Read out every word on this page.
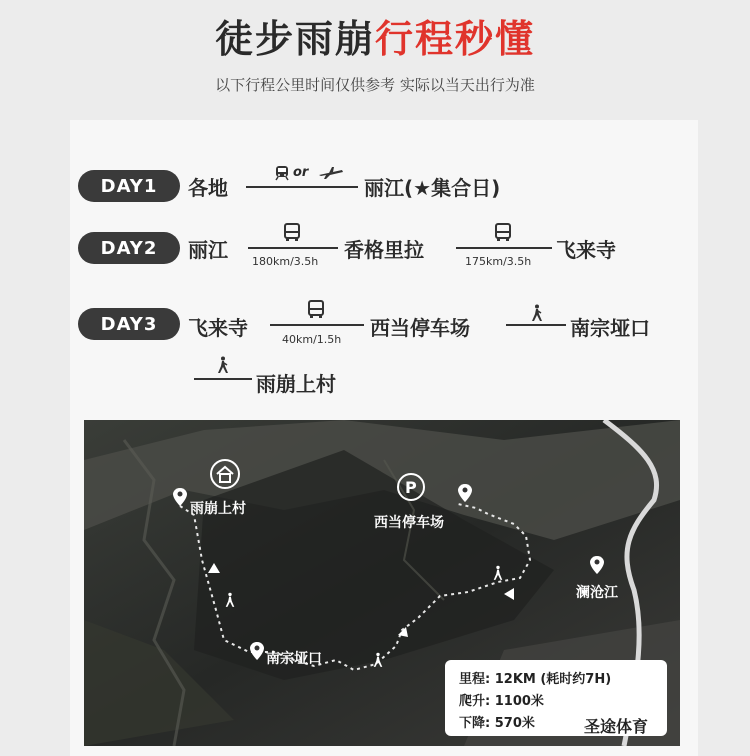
徒步雨崩行程秒懂
以下行程公里时间仅供参考 实际以当天出行为准
DAY1	各地
or
丽江(★集合日)
DAY2	丽江 180km/3.5h 香格里拉	175km/3.5h 飞来寺
DAY3	飞来寺	40km/1.5h 西当停车场	南宗垭口
雨崩上村
雨崩上村
P
西当停车场
澜沧江
南宗垭口
里程: 12KM (耗时约7H)
爬升: 1100米
下降: 570米	圣途体育
